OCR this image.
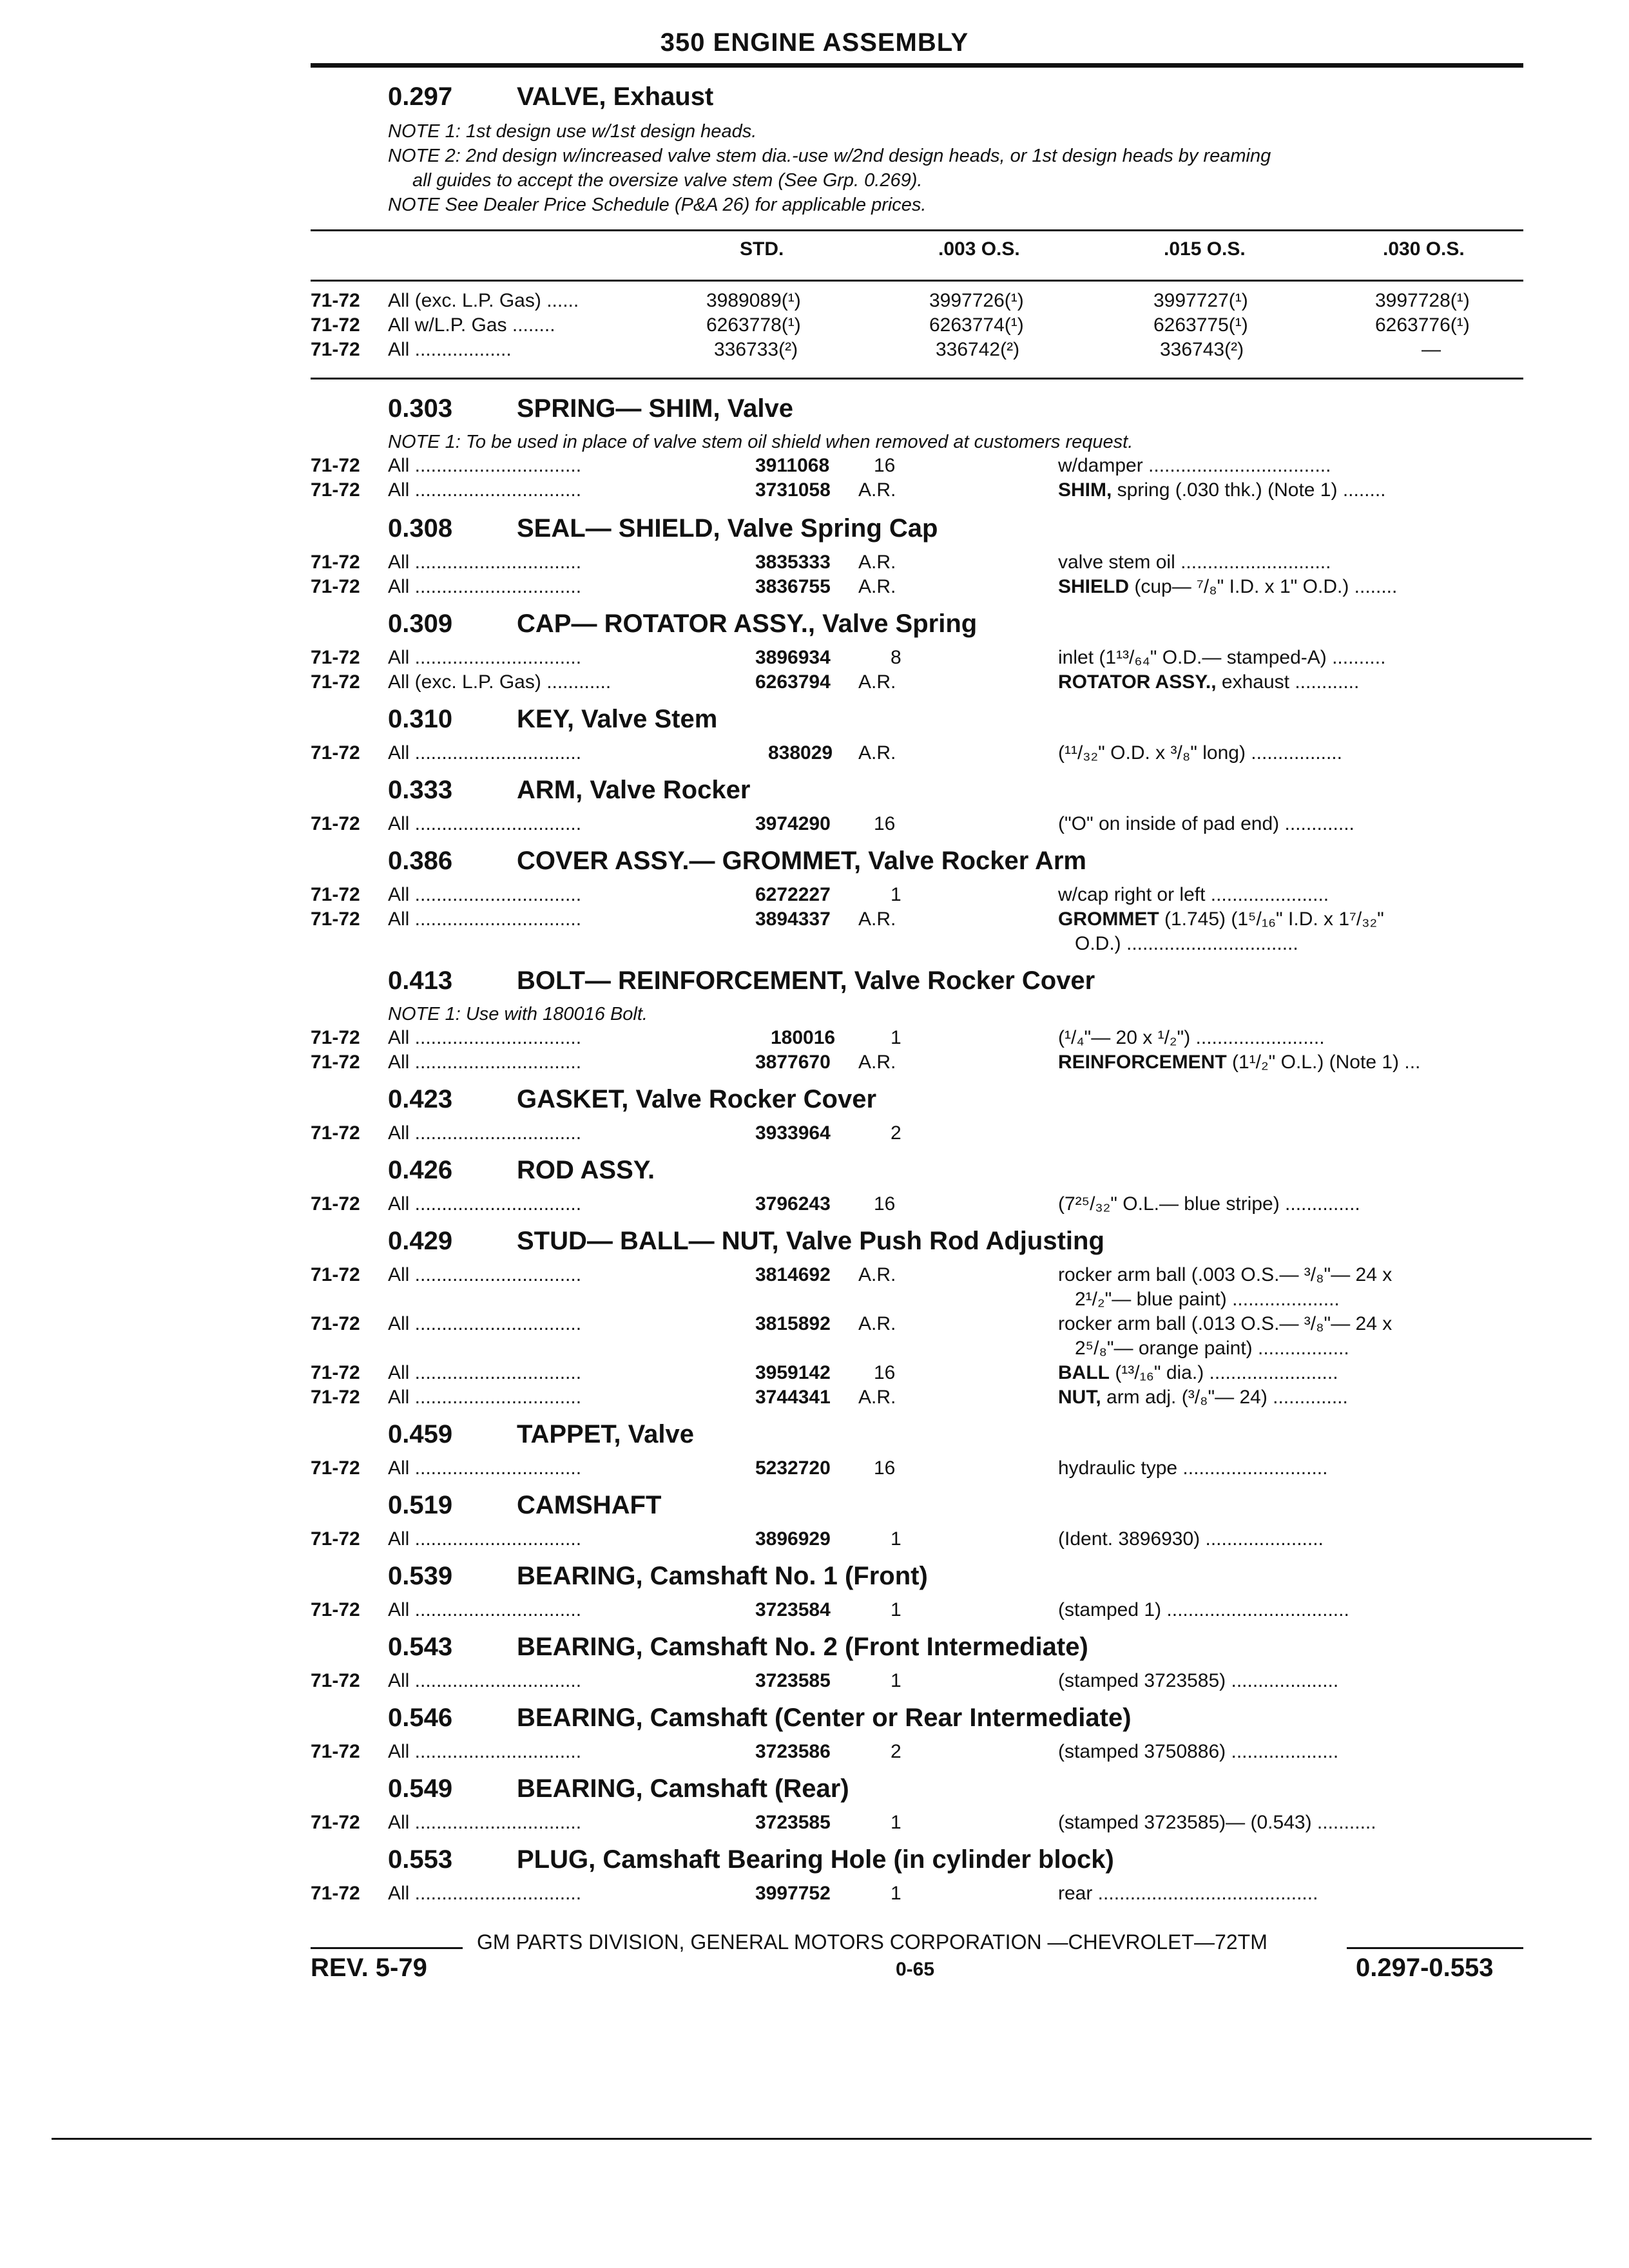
350 ENGINE ASSEMBLY
0.297 VALVE, Exhaust
NOTE 1: 1st design use w/1st design heads.
NOTE 2: 2nd design w/increased valve stem dia.-use w/2nd design heads, or 1st design heads by reaming
all guides to accept the oversize valve stem (See Grp. 0.269).
NOTE See Dealer Price Schedule (P&A 26) for applicable prices.
STD.	.003 O.S.	.015 O.S.	.030 O.S.
71-72 All (exc. L.P. Gas) ......	3989089(¹)	3997726(¹)	3997727(¹)	3997728(¹)
71-72 All w/L.P. Gas ........	6263778(¹)	6263774(¹)	6263775(¹)	6263776(¹)
71-72 All ..................	336733(²)	336742(²)	336743(²)	—
0.303 SPRING— SHIM, Valve
NOTE 1: To be used in place of valve stem oil shield when removed at customers request.
71-72 All ...............................	3911068 16	w/damper ..................................
71-72 All ...............................	3731058 A.R.	SHIM, spring (.030 thk.) (Note 1) ........
0.308 SEAL— SHIELD, Valve Spring Cap
71-72 All ...............................	3835333 A.R.	valve stem oil ............................
71-72 All ...............................	3836755 A.R.	SHIELD (cup— ⁷/₈" I.D. x 1" O.D.) ........
0.309 CAP— ROTATOR ASSY., Valve Spring
71-72 All ...............................	3896934	8	inlet (1¹³/₆₄" O.D.— stamped-A) ..........
71-72 All (exc. L.P. Gas) ............	6263794 A.R.	ROTATOR ASSY., exhaust ............
0.310 KEY, Valve Stem
71-72 All ...............................	838029 A.R.	(¹¹/₃₂" O.D. x ³/₈" long) .................
0.333 ARM, Valve Rocker
71-72 All ...............................	3974290 16	("O" on inside of pad end) .............
0.386 COVER ASSY.— GROMMET, Valve Rocker Arm
71-72 All ...............................	6272227	1	w/cap right or left ......................
71-72 All ...............................	3894337 A.R.	GROMMET (1.745) (1⁵/₁₆" I.D. x 1⁷/₃₂"
O.D.) ................................
0.413 BOLT— REINFORCEMENT, Valve Rocker Cover
NOTE 1: Use with 180016 Bolt.
71-72 All ...............................	180016	1	(¹/₄"— 20 x ¹/₂") ........................
71-72 All ...............................	3877670 A.R.	REINFORCEMENT (1¹/₂" O.L.) (Note 1) ...
0.423 GASKET, Valve Rocker Cover
71-72 All ...............................	3933964	2
0.426 ROD ASSY.
71-72 All ...............................	3796243 16	(7²⁵/₃₂" O.L.— blue stripe) ..............
0.429 STUD— BALL— NUT, Valve Push Rod Adjusting
71-72 All ...............................	3814692 A.R.	rocker arm ball (.003 O.S.— ³/₈"— 24 x
2¹/₂"— blue paint) ....................
71-72 All ...............................	3815892 A.R.	rocker arm ball (.013 O.S.— ³/₈"— 24 x
2⁵/₈"— orange paint) .................
71-72 All ...............................	3959142 16	BALL (¹³/₁₆" dia.) ........................
71-72 All ...............................	3744341 A.R.	NUT, arm adj. (³/₈"— 24) ..............
0.459 TAPPET, Valve
71-72 All ...............................	5232720 16	hydraulic type ...........................
0.519 CAMSHAFT
71-72 All ...............................	3896929	1	(Ident. 3896930) ......................
0.539 BEARING, Camshaft No. 1 (Front)
71-72 All ...............................	3723584	1	(stamped 1) ..................................
0.543 BEARING, Camshaft No. 2 (Front Intermediate)
71-72 All ...............................	3723585	1	(stamped 3723585) ....................
0.546 BEARING, Camshaft (Center or Rear Intermediate)
71-72 All ...............................	3723586	2	(stamped 3750886) ....................
0.549 BEARING, Camshaft (Rear)
71-72 All ...............................	3723585	1	(stamped 3723585)— (0.543) ...........
0.553 PLUG, Camshaft Bearing Hole (in cylinder block)
71-72 All ...............................	3997752	1	rear .........................................
GM PARTS DIVISION, GENERAL MOTORS CORPORATION —CHEVROLET—72TM
REV. 5-79	0-65	0.297-0.553
